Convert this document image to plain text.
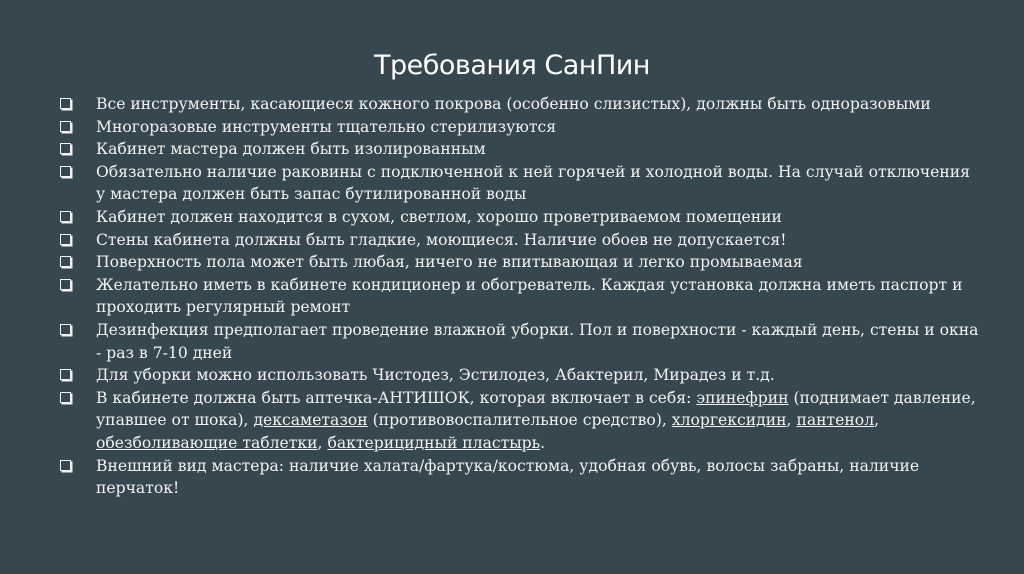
Требования СанПин
Все инструменты, касающиеся кожного покрова (особенно слизистых), должны быть одноразовыми
Многоразовые инструменты тщательно стерилизуются
Кабинет мастера должен быть изолированным
Обязательно наличие раковины с подключенной к ней горячей и холодной воды. На случай отключения у мастера должен быть запас бутилированной воды
Кабинет должен находится в сухом, светлом, хорошо проветриваемом помещении
Стены кабинета должны быть гладкие, моющиеся. Наличие обоев не допускается!
Поверхность пола может быть любая, ничего не впитывающая и легко промываемая
Желательно иметь в кабинете кондиционер и обогреватель. Каждая установка должна иметь паспорт и проходить регулярный ремонт
Дезинфекция предполагает проведение влажной уборки. Пол и поверхности - каждый день, стены и окна - раз в 7-10 дней
Для уборки можно использовать Чистодез, Эстилодез, Абактерил, Мирадез и т.д.
В кабинете должна быть аптечка-АНТИШОК, которая включает в себя: эпинефрин (поднимает давление, упавшее от шока), дексаметазон (противовоспалительное средство), хлоргексидин, пантенол, обезболивающие таблетки, бактерицидный пластырь.
Внешний вид мастера: наличие халата/фартука/костюма, удобная обувь, волосы забраны, наличие перчаток!
